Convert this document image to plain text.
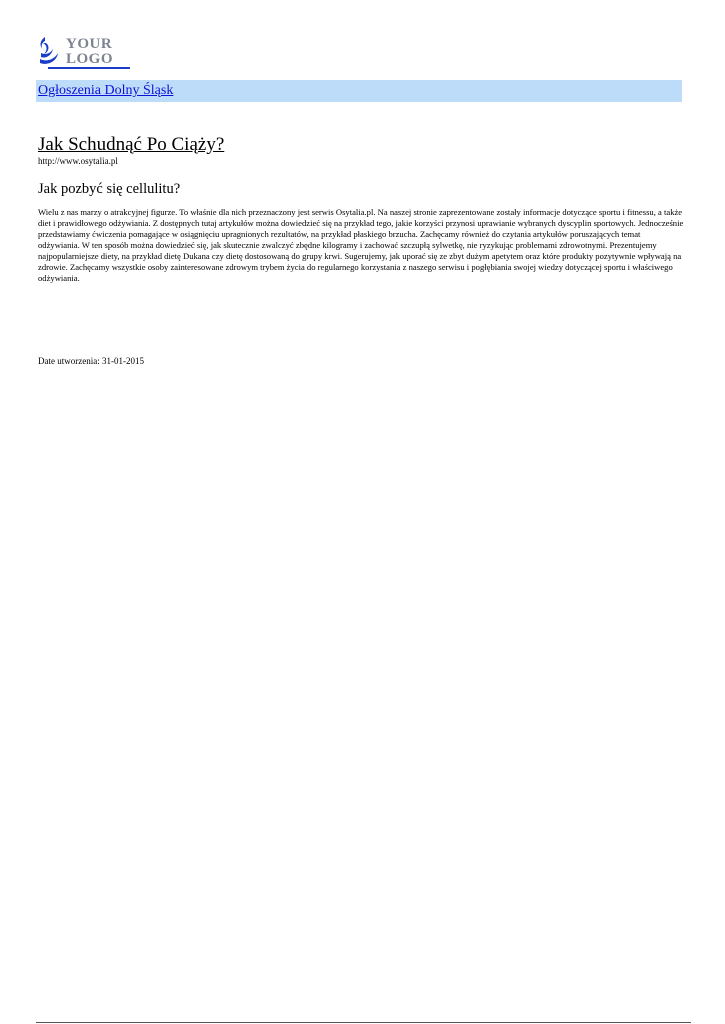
YOUR
LOGO
Ogłoszenia Dolny Śląsk
Jak Schudnąć Po Ciąży?
http://www.osytalia.pl
Jak pozbyć się cellulitu?

Wielu z nas marzy o atrakcyjnej figurze. To właśnie dla nich przeznaczony jest serwis Osytalia.pl. Na naszej stronie zaprezentowane zostały informacje dotyczące sportu i fitnessu, a także diet i prawidłowego odżywiania. Z dostępnych tutaj artykułów można dowiedzieć się na przykład tego, jakie korzyści przynosi uprawianie wybranych dyscyplin sportowych. Jednocześnie przedstawiamy ćwiczenia pomagające w osiągnięciu upragnionych rezultatów, na przykład płaskiego brzucha. Zachęcamy również do czytania artykułów poruszających temat odżywiania. W ten sposób można dowiedzieć się, jak skutecznie zwalczyć zbędne kilogramy i zachować szczupłą sylwetkę, nie ryzykując problemami zdrowotnymi. Prezentujemy najpopularniejsze diety, na przykład dietę Dukana czy dietę dostosowaną do grupy krwi. Sugerujemy, jak uporać się ze zbyt dużym apetytem oraz które produkty pozytywnie wpływają na zdrowie. Zachęcamy wszystkie osoby zainteresowane zdrowym trybem życia do regularnego korzystania z naszego serwisu i pogłębiania swojej wiedzy dotyczącej sportu i właściwego odżywiania.

Date utworzenia: 31-01-2015
